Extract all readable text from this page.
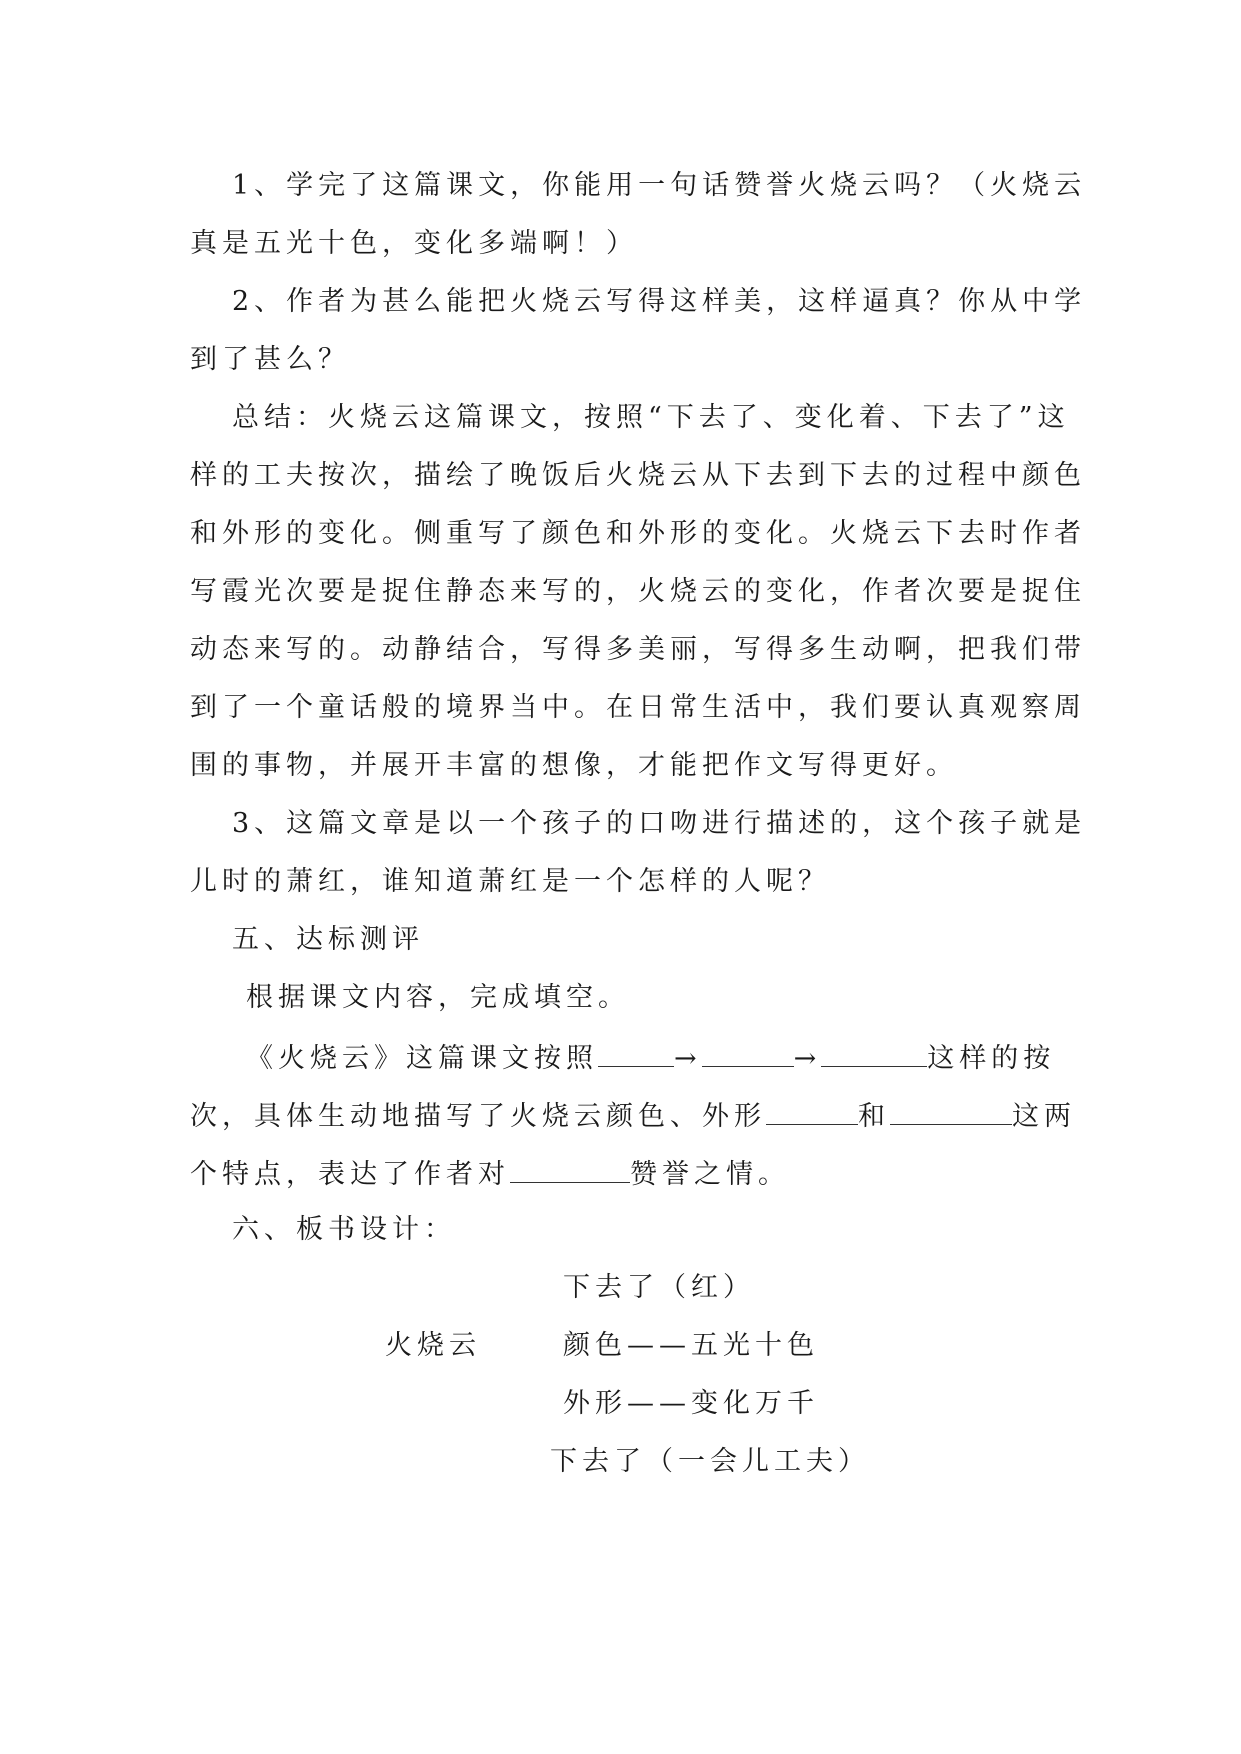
1、学完了这篇课文，你能用一句话赞誉火烧云吗？（火烧云
真是五光十色，变化多端啊！）
2、作者为甚么能把火烧云写得这样美，这样逼真？你从中学
到了甚么？
总结：火烧云这篇课文，按照“下去了、变化着、下去了”这
样的工夫按次，描绘了晚饭后火烧云从下去到下去的过程中颜色
和外形的变化。侧重写了颜色和外形的变化。火烧云下去时作者
写霞光次要是捉住静态来写的，火烧云的变化，作者次要是捉住
动态来写的。动静结合，写得多美丽，写得多生动啊，把我们带
到了一个童话般的境界当中。在日常生活中，我们要认真观察周
围的事物，并展开丰富的想像，才能把作文写得更好。
3、这篇文章是以一个孩子的口吻进行描述的，这个孩子就是
儿时的萧红，谁知道萧红是一个怎样的人呢？
五、达标测评
根据课文内容，完成填空。
《火烧云》这篇课文按照	→	→	这样的按
次，具体生动地描写了火烧云颜色、外形	和	这两
个特点，表达了作者对	赞誉之情。
六、板书设计：
下去了（红）
火烧云	颜色——五光十色
外形——变化万千
下去了（一会儿工夫）
